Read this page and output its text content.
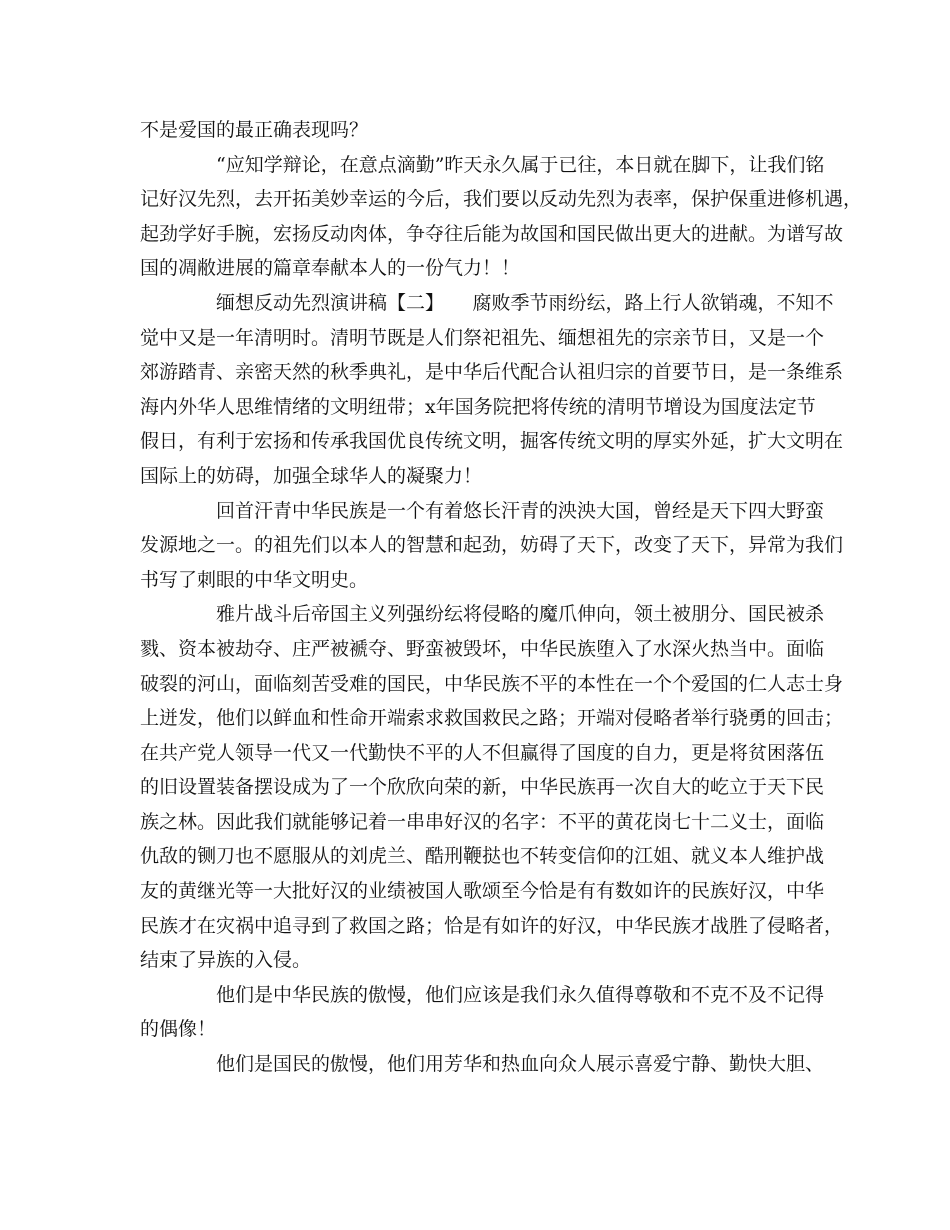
不是爱国的最正确表现吗？
“应知学辩论，在意点滴勤”昨天永久属于已往，本日就在脚下，让我们铭
记好汉先烈，去开拓美妙幸运的今后，我们要以反动先烈为表率，保护保重进修机遇，
起劲学好手腕，宏扬反动肉体，争夺往后能为故国和国民做出更大的进献。为谱写故
国的凋敝进展的篇章奉献本人的一份气力！！
缅想反动先烈演讲稿【二】　　腐败季节雨纷纭，路上行人欲销魂，不知不
觉中又是一年清明时。清明节既是人们祭祀祖先、缅想祖先的宗亲节日，又是一个
郊游踏青、亲密天然的秋季典礼，是中华后代配合认祖归宗的首要节日，是一条维系
海内外华人思维情绪的文明纽带；x年国务院把将传统的清明节增设为国度法定节
假日，有利于宏扬和传承我国优良传统文明，掘客传统文明的厚实外延，扩大文明在
国际上的妨碍，加强全球华人的凝聚力！
回首汗青中华民族是一个有着悠长汗青的泱泱大国，曾经是天下四大野蛮
发源地之一。的祖先们以本人的智慧和起劲，妨碍了天下，改变了天下，异常为我们
书写了刺眼的中华文明史。
雅片战斗后帝国主义列强纷纭将侵略的魔爪伸向，领土被朋分、国民被杀
戮、资本被劫夺、庄严被褫夺、野蛮被毁坏，中华民族堕入了水深火热当中。面临
破裂的河山，面临刻苦受难的国民，中华民族不平的本性在一个个爱国的仁人志士身
上迸发，他们以鲜血和性命开端索求救国救民之路；开端对侵略者举行骁勇的回击；
在共产党人领导一代又一代勤快不平的人不但赢得了国度的自力，更是将贫困落伍
的旧设置装备摆设成为了一个欣欣向荣的新，中华民族再一次自大的屹立于天下民
族之林。因此我们就能够记着一串串好汉的名字：不平的黄花岗七十二义士，面临
仇敌的铡刀也不愿服从的刘虎兰、酷刑鞭挞也不转变信仰的江姐、就义本人维护战
友的黄继光等一大批好汉的业绩被国人歌颂至今恰是有有数如许的民族好汉，中华
民族才在灾祸中追寻到了救国之路；恰是有如许的好汉，中华民族才战胜了侵略者，
结束了异族的入侵。
他们是中华民族的傲慢，他们应该是我们永久值得尊敬和不克不及不记得
的偶像！
他们是国民的傲慢，他们用芳华和热血向众人展示喜爱宁静、勤快大胆、
